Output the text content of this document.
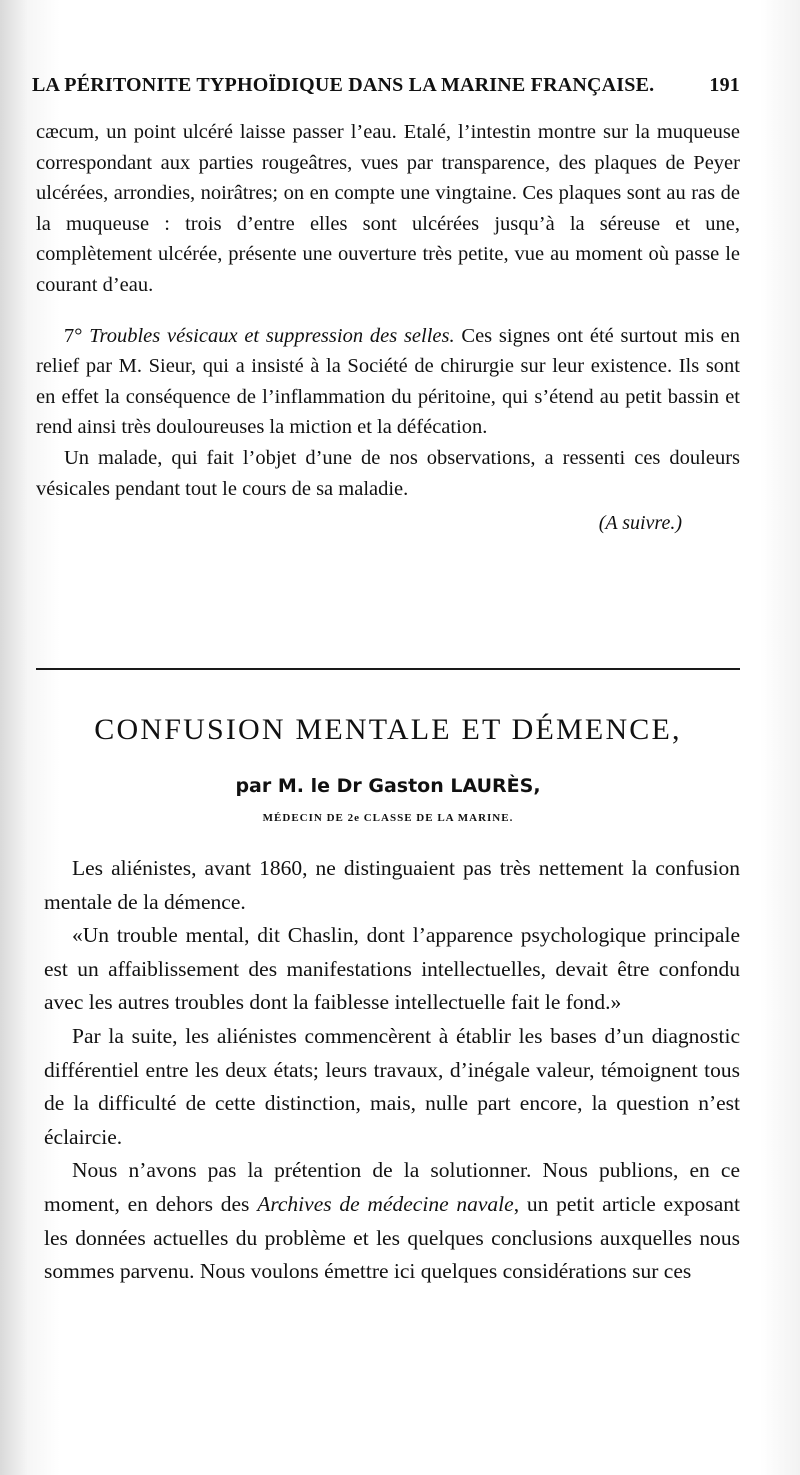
LA PÉRITONITE TYPHOÏDIQUE DANS LA MARINE FRANÇAISE.	191

cæcum, un point ulcéré laisse passer l’eau. Etalé, l’intestin montre sur la muqueuse correspondant aux parties rougeâtres, vues par transparence, des plaques de Peyer ulcérées, arrondies, noirâtres; on en compte une vingtaine. Ces plaques sont au ras de la muqueuse : trois d’entre elles sont ulcérées jusqu’à la séreuse et une, complètement ulcérée, présente une ouverture très petite, vue au moment où passe le courant d’eau.

7° Troubles vésicaux et suppression des selles. Ces signes ont été surtout mis en relief par M. Sieur, qui a insisté à la Société de chirurgie sur leur existence. Ils sont en effet la conséquence de l’inflammation du péritoine, qui s’étend au petit bassin et rend ainsi très douloureuses la miction et la défécation.

Un malade, qui fait l’objet d’une de nos observations, a ressenti ces douleurs vésicales pendant tout le cours de sa maladie.

(A suivre.)

CONFUSION MENTALE ET DÉMENCE,
par M. le Dr Gaston LAURÈS,
MÉDECIN DE 2e CLASSE DE LA MARINE.

Les aliénistes, avant 1860, ne distinguaient pas très nettement la confusion mentale de la démence.

«Un trouble mental, dit Chaslin, dont l’apparence psychologique principale est un affaiblissement des manifestations intellectuelles, devait être confondu avec les autres troubles dont la faiblesse intellectuelle fait le fond.»

Par la suite, les aliénistes commencèrent à établir les bases d’un diagnostic différentiel entre les deux états; leurs travaux, d’inégale valeur, témoignent tous de la difficulté de cette distinction, mais, nulle part encore, la question n’est éclaircie.

Nous n’avons pas la prétention de la solutionner. Nous publions, en ce moment, en dehors des Archives de médecine navale, un petit article exposant les données actuelles du problème et les quelques conclusions auxquelles nous sommes parvenu. Nous voulons émettre ici quelques considérations sur ces
